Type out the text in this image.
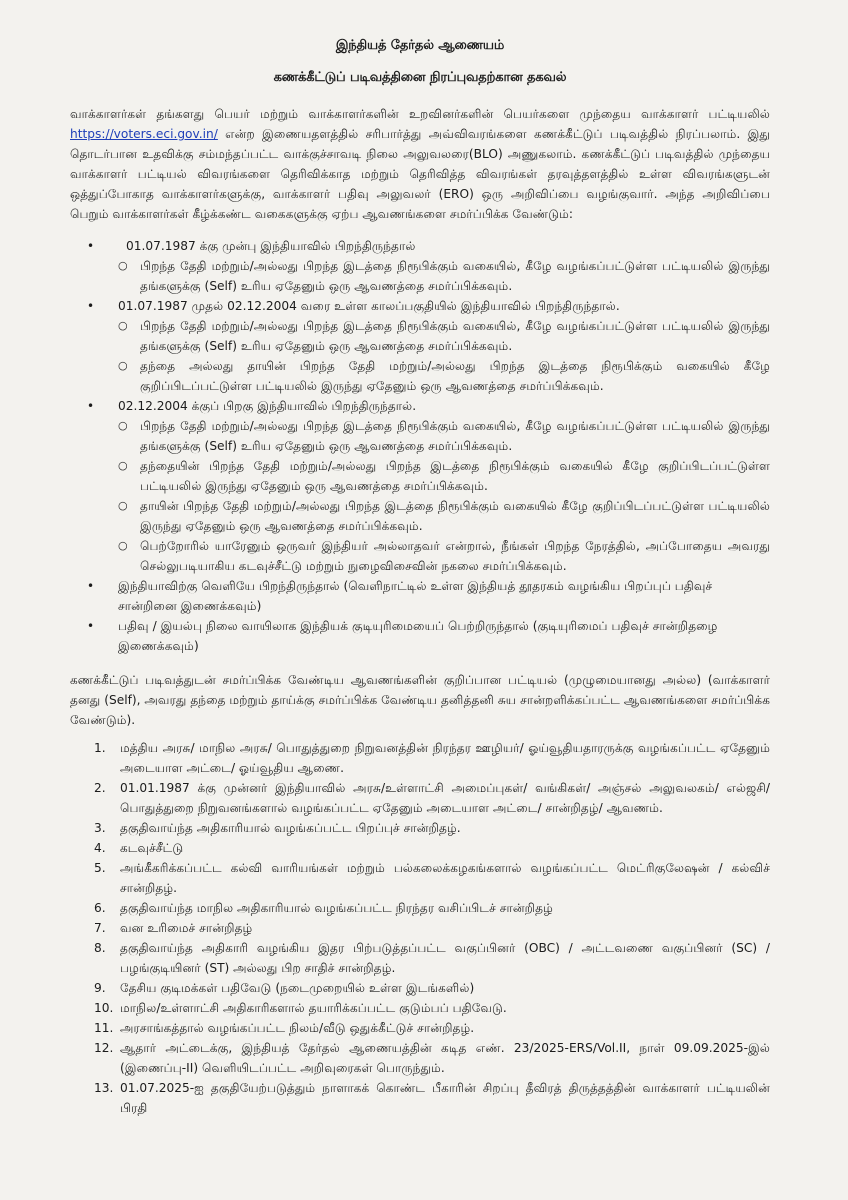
இந்தியத் தேர்தல் ஆணையம்
கணக்கீட்டுப் படிவத்தினை நிரப்புவதற்கான தகவல்

வாக்காளர்கள் தங்களது பெயர் மற்றும் வாக்காளர்களின் உறவினர்களின் பெயர்களை முந்தைய வாக்காளர் பட்டியலில் https://voters.eci.gov.in/ என்ற இணையதளத்தில் சரிபார்த்து அவ்விவரங்களை கணக்கீட்டுப் படிவத்தில் நிரப்பலாம். இது தொடர்பான உதவிக்கு சம்மந்தப்பட்ட வாக்குச்சாவடி நிலை அலுவலரை(BLO) அணுகலாம். கணக்கீட்டுப் படிவத்தில் முந்தைய வாக்காளர் பட்டியல் விவரங்களை தெரிவிக்காத மற்றும் தெரிவித்த விவரங்கள் தரவுத்தளத்தில் உள்ள விவரங்களுடன் ஒத்துப்போகாத வாக்காளர்களுக்கு, வாக்காளர் பதிவு அலுவலர் (ERO) ஒரு அறிவிப்பை வழங்குவார். அந்த அறிவிப்பை பெறும் வாக்காளர்கள் கீழ்க்கண்ட வகைகளுக்கு ஏற்ப ஆவணங்களை சமர்ப்பிக்க வேண்டும்:

•	01.07.1987 க்கு முன்பு இந்தியாவில் பிறந்திருந்தால்
○ பிறந்த தேதி மற்றும்/அல்லது பிறந்த இடத்தை நிரூபிக்கும் வகையில், கீழே வழங்கப்பட்டுள்ள பட்டியலில் இருந்து தங்களுக்கு (Self) உரிய ஏதேனும் ஒரு ஆவணத்தை சமர்ப்பிக்கவும்.
• 01.07.1987 முதல் 02.12.2004 வரை உள்ள காலப்பகுதியில் இந்தியாவில் பிறந்திருந்தால்.
○ பிறந்த தேதி மற்றும்/அல்லது பிறந்த இடத்தை நிரூபிக்கும் வகையில், கீழே வழங்கப்பட்டுள்ள பட்டியலில் இருந்து தங்களுக்கு (Self) உரிய ஏதேனும் ஒரு ஆவணத்தை சமர்ப்பிக்கவும்.
○ தந்தை அல்லது தாயின் பிறந்த தேதி மற்றும்/அல்லது பிறந்த இடத்தை நிரூபிக்கும் வகையில் கீழே குறிப்பிடப்பட்டுள்ள பட்டியலில் இருந்து ஏதேனும் ஒரு ஆவணத்தை சமர்ப்பிக்கவும்.
• 02.12.2004 க்குப் பிறகு இந்தியாவில் பிறந்திருந்தால்.
○ பிறந்த தேதி மற்றும்/அல்லது பிறந்த இடத்தை நிரூபிக்கும் வகையில், கீழே வழங்கப்பட்டுள்ள பட்டியலில் இருந்து தங்களுக்கு (Self) உரிய ஏதேனும் ஒரு ஆவணத்தை சமர்ப்பிக்கவும்.
○ தந்தையின் பிறந்த தேதி மற்றும்/அல்லது பிறந்த இடத்தை நிரூபிக்கும் வகையில் கீழே குறிப்பிடப்பட்டுள்ள பட்டியலில் இருந்து ஏதேனும் ஒரு ஆவணத்தை சமர்ப்பிக்கவும்.
○ தாயின் பிறந்த தேதி மற்றும்/அல்லது பிறந்த இடத்தை நிரூபிக்கும் வகையில் கீழே குறிப்பிடப்பட்டுள்ள பட்டியலில் இருந்து ஏதேனும் ஒரு ஆவணத்தை சமர்ப்பிக்கவும்.
○ பெற்றோரில் யாரேனும் ஒருவர் இந்தியர் அல்லாதவர் என்றால், நீங்கள் பிறந்த நேரத்தில், அப்போதைய அவரது செல்லுபடியாகிய கடவுச்சீட்டு மற்றும் நுழைவிசைவின் நகலை சமர்ப்பிக்கவும்.
• இந்தியாவிற்கு வெளியே பிறந்திருந்தால் (வெளிநாட்டில் உள்ள இந்தியத் தூதரகம் வழங்கிய பிறப்புப் பதிவுச் சான்றினை இணைக்கவும்)
• பதிவு / இயல்பு நிலை வாயிலாக இந்தியக் குடியுரிமையைப் பெற்றிருந்தால் (குடியுரிமைப் பதிவுச் சான்றிதழை இணைக்கவும்)

கணக்கீட்டுப் படிவத்துடன் சமர்ப்பிக்க வேண்டிய ஆவணங்களின் குறிப்பான பட்டியல் (முழுமையானது அல்ல) (வாக்காளர் தனது (Self), அவரது தந்தை மற்றும் தாய்க்கு சமர்ப்பிக்க வேண்டிய தனித்தனி சுய சான்றளிக்கப்பட்ட ஆவணங்களை சமர்ப்பிக்க வேண்டும்).

1.	மத்திய அரசு/ மாநில அரசு/ பொதுத்துறை நிறுவனத்தின் நிரந்தர ஊழியர்/ ஓய்வூதியதாரருக்கு வழங்கப்பட்ட ஏதேனும் அடையாள அட்டை/ ஓய்வூதிய ஆணை.
2.	01.01.1987 க்கு முன்னர் இந்தியாவில் அரசு/உள்ளாட்சி அமைப்புகள்/ வங்கிகள்/ அஞ்சல் அலுவலகம்/ எல்ஜசி/ பொதுத்துறை நிறுவனங்களால் வழங்கப்பட்ட ஏதேனும் அடையாள அட்டை/ சான்றிதழ்/ ஆவணம்.
3.	தகுதிவாய்ந்த அதிகாரியால் வழங்கப்பட்ட பிறப்புச் சான்றிதழ்.
4.	கடவுச்சீட்டு
5.	அங்கீகரிக்கப்பட்ட கல்வி வாரியங்கள் மற்றும் பல்கலைக்கழகங்களால் வழங்கப்பட்ட மெட்ரிகுலேஷன் / கல்விச் சான்றிதழ்.
6.	தகுதிவாய்ந்த மாநில அதிகாரியால் வழங்கப்பட்ட நிரந்தர வசிப்பிடச் சான்றிதழ்
7.	வன உரிமைச் சான்றிதழ்
8.	தகுதிவாய்ந்த அதிகாரி வழங்கிய இதர பிற்படுத்தப்பட்ட வகுப்பினர் (OBC) / அட்டவணை வகுப்பினர் (SC) / பழங்குடியினர் (ST) அல்லது பிற சாதிச் சான்றிதழ்.
9.	தேசிய குடிமக்கள் பதிவேடு (நடைமுறையில் உள்ள இடங்களில்)
10. மாநில/உள்ளாட்சி அதிகாரிகளால் தயாரிக்கப்பட்ட குடும்பப் பதிவேடு.
11. அரசாங்கத்தால் வழங்கப்பட்ட நிலம்/வீடு ஒதுக்கீட்டுச் சான்றிதழ்.
12. ஆதார் அட்டைக்கு, இந்தியத் தேர்தல் ஆணையத்தின் கடித எண். 23/2025-ERS/Vol.II, நாள் 09.09.2025-இல் (இணைப்பு-II) வெளியிடப்பட்ட அறிவுரைகள் பொருந்தும்.
13. 01.07.2025-ஐ தகுதியேற்படுத்தும் நாளாகக் கொண்ட பீகாரின் சிறப்பு தீவிரத் திருத்தத்தின் வாக்காளர் பட்டியலின் பிரதி
